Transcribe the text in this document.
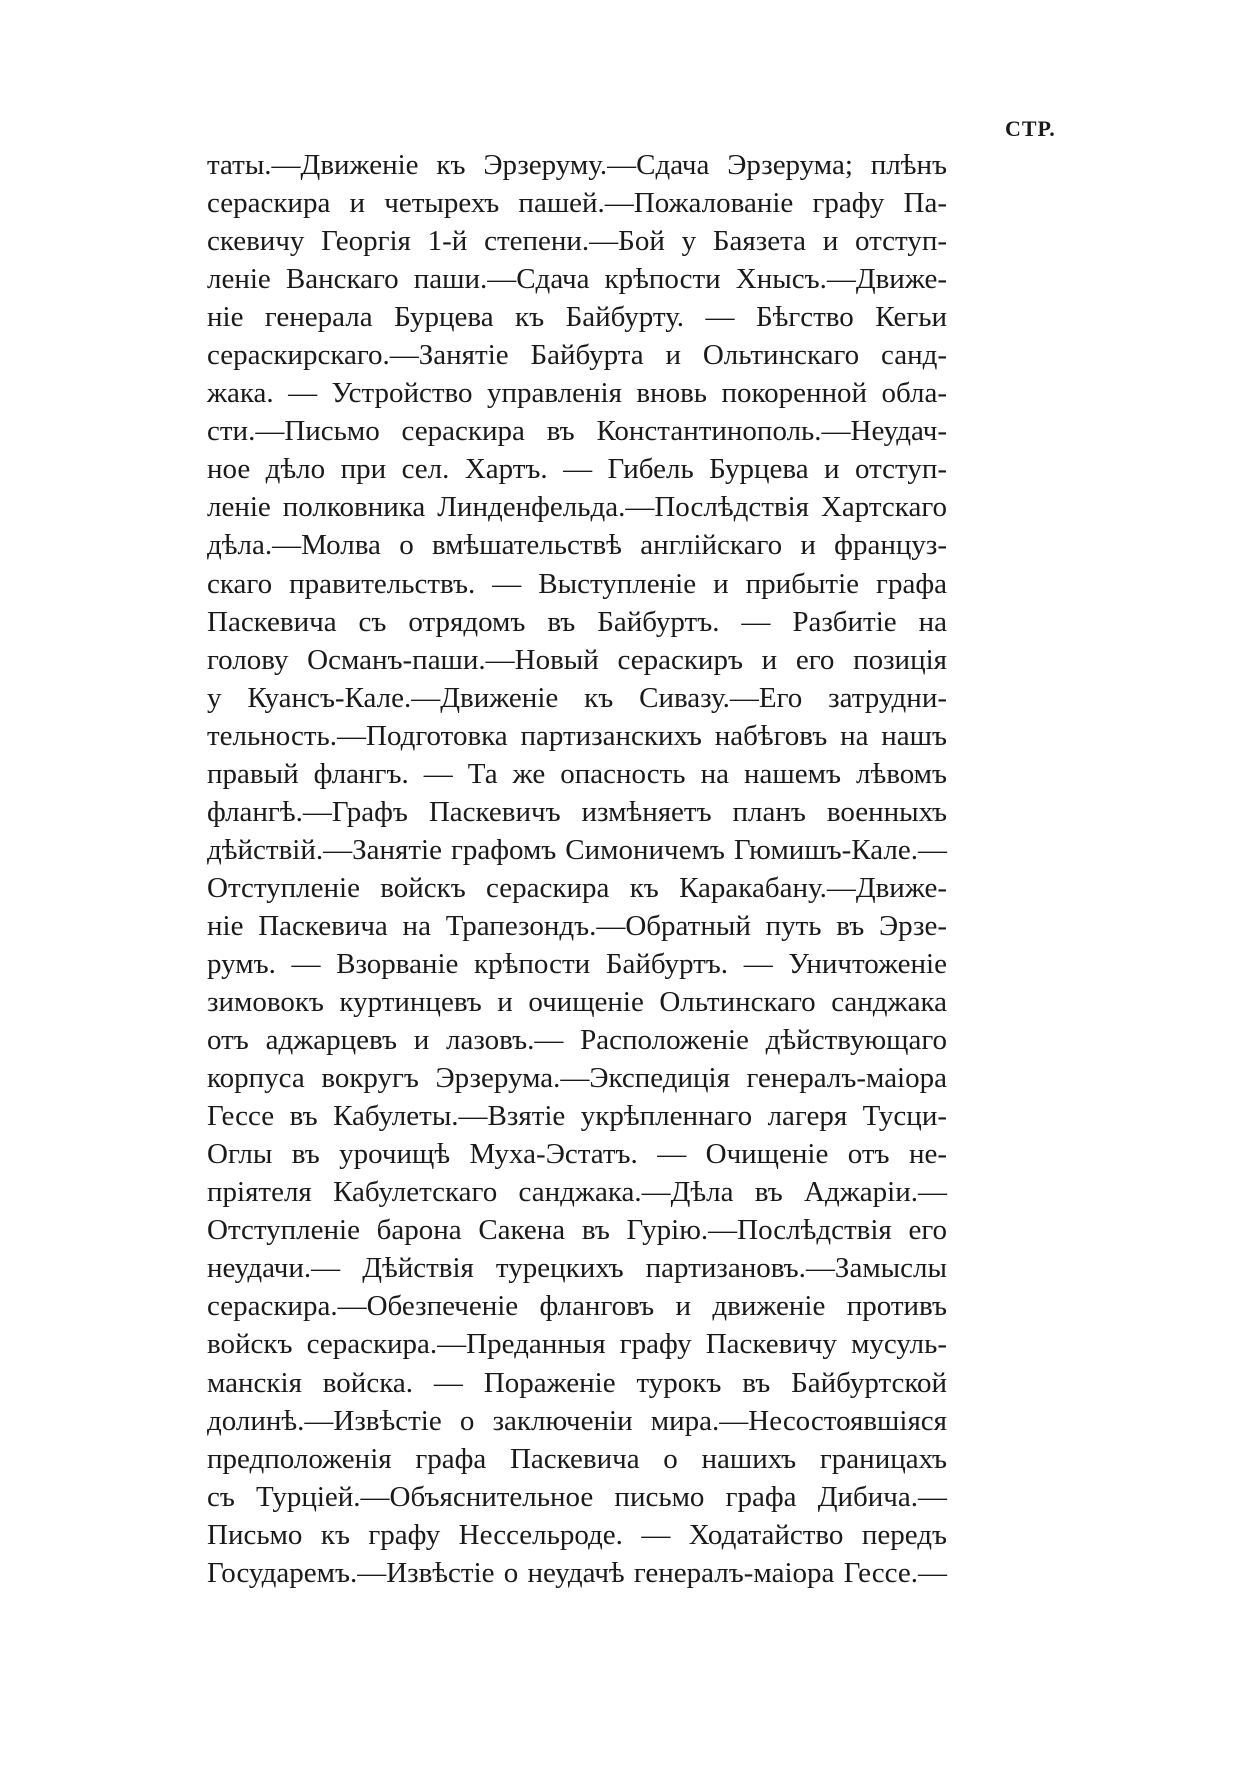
СТР.
таты.—Движеніе къ Эрзеруму.—Сдача Эрзерума; плѣнъ
сераскира и четырехъ пашей.—Пожалованіе графу Па-
скевичу Георгія 1-й степени.—Бой у Баязета и отступ-
леніе Ванскаго паши.—Сдача крѣпости Хнысъ.—Движе-
ніе генерала Бурцева къ Байбурту. — Бѣгство Кегьи
сераскирскаго.—Занятіе Байбурта и Ольтинскаго санд-
жака. — Устройство управленія вновь покоренной обла-
сти.—Письмо сераскира въ Константинополь.—Неудач-
ное дѣло при сел. Хартъ. — Гибель Бурцева и отступ-
леніе полковника Линденфельда.—Послѣдствія Хартскаго
дѣла.—Молва о вмѣшательствѣ англійскаго и француз-
скаго правительствъ. — Выступленіе и прибытіе графа
Паскевича съ отрядомъ въ Байбуртъ. — Разбитіе на
голову Османъ-паши.—Новый сераскиръ и его позиція
у Куансъ-Кале.—Движеніе къ Сивазу.—Его затрудни-
тельность.—Подготовка партизанскихъ набѣговъ на нашъ
правый флангъ. — Та же опасность на нашемъ лѣвомъ
флангѣ.—Графъ Паскевичъ измѣняетъ планъ военныхъ
дѣйствій.—Занятіе графомъ Симоничемъ Гюмишъ-Кале.—
Отступленіе войскъ сераскира къ Каракабану.—Движе-
ніе Паскевича на Трапезондъ.—Обратный путь въ Эрзе-
румъ. — Взорваніе крѣпости Байбуртъ. — Уничтоженіе
зимовокъ куртинцевъ и очищеніе Ольтинскаго санджака
отъ аджарцевъ и лазовъ.— Расположеніе дѣйствующаго
корпуса вокругъ Эрзерума.—Экспедиція генералъ-маіора
Гессе въ Кабулеты.—Взятіе укрѣпленнаго лагеря Тусци-
Оглы въ урочищѣ Муха-Эстатъ. — Очищеніе отъ не-
пріятеля Кабулетскаго санджака.—Дѣла въ Аджаріи.—
Отступленіе барона Сакена въ Гурію.—Послѣдствія его
неудачи.— Дѣйствія турецкихъ партизановъ.—Замыслы
сераскира.—Обезпеченіе фланговъ и движеніе противъ
войскъ сераскира.—Преданныя графу Паскевичу мусуль-
манскія войска. — Пораженіе турокъ въ Байбуртской
долинѣ.—Извѣстіе о заключеніи мира.—Несостоявшіяся
предположенія графа Паскевича о нашихъ границахъ
съ Турціей.—Объяснительное письмо графа Дибича.—
Письмо къ графу Нессельроде. — Ходатайство передъ
Государемъ.—Извѣстіе о неудачѣ генералъ-маіора Гессе.—
